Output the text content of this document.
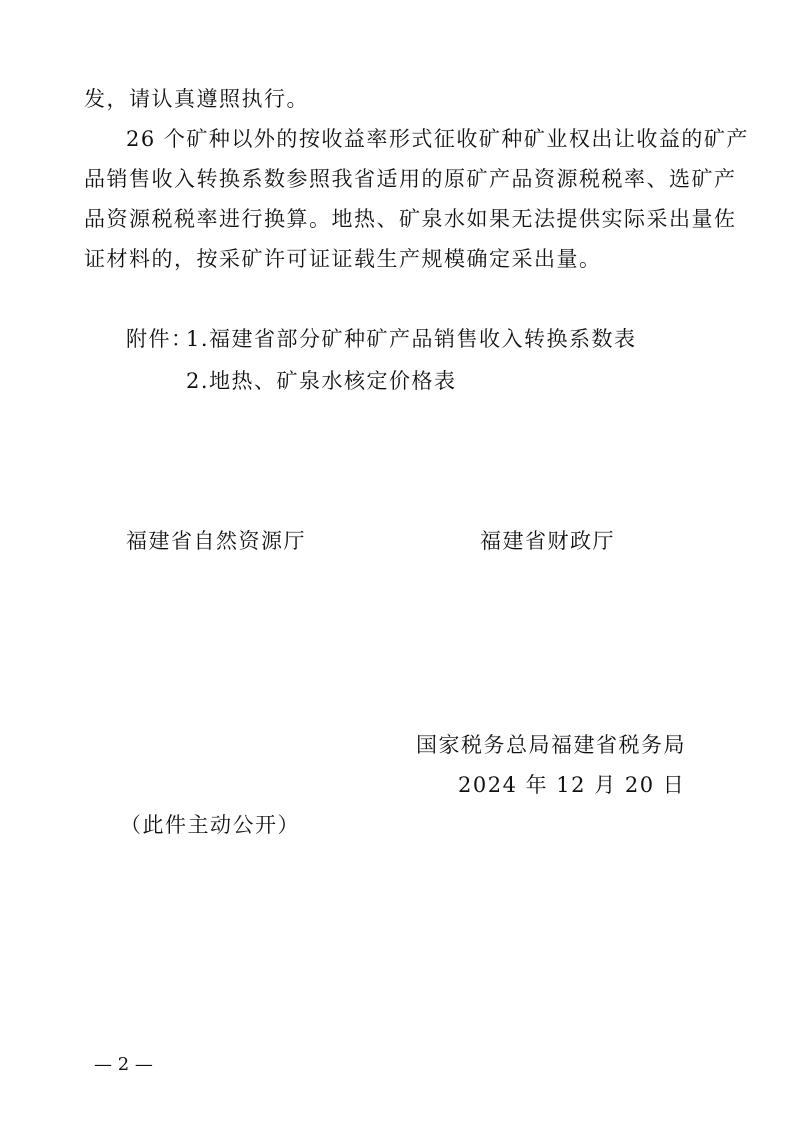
发，请认真遵照执行。
26 个矿种以外的按收益率形式征收矿种矿业权出让收益的矿产
品销售收入转换系数参照我省适用的原矿产品资源税税率、选矿产
品资源税税率进行换算。地热、矿泉水如果无法提供实际采出量佐
证材料的，按采矿许可证证载生产规模确定采出量。
附件：
1.福建省部分矿种矿产品销售收入转换系数表
2.地热、矿泉水核定价格表
福建省自然资源厅	福建省财政厅
国家税务总局福建省税务局
2024 年 12 月 20 日
（此件主动公开）
— 2 —
